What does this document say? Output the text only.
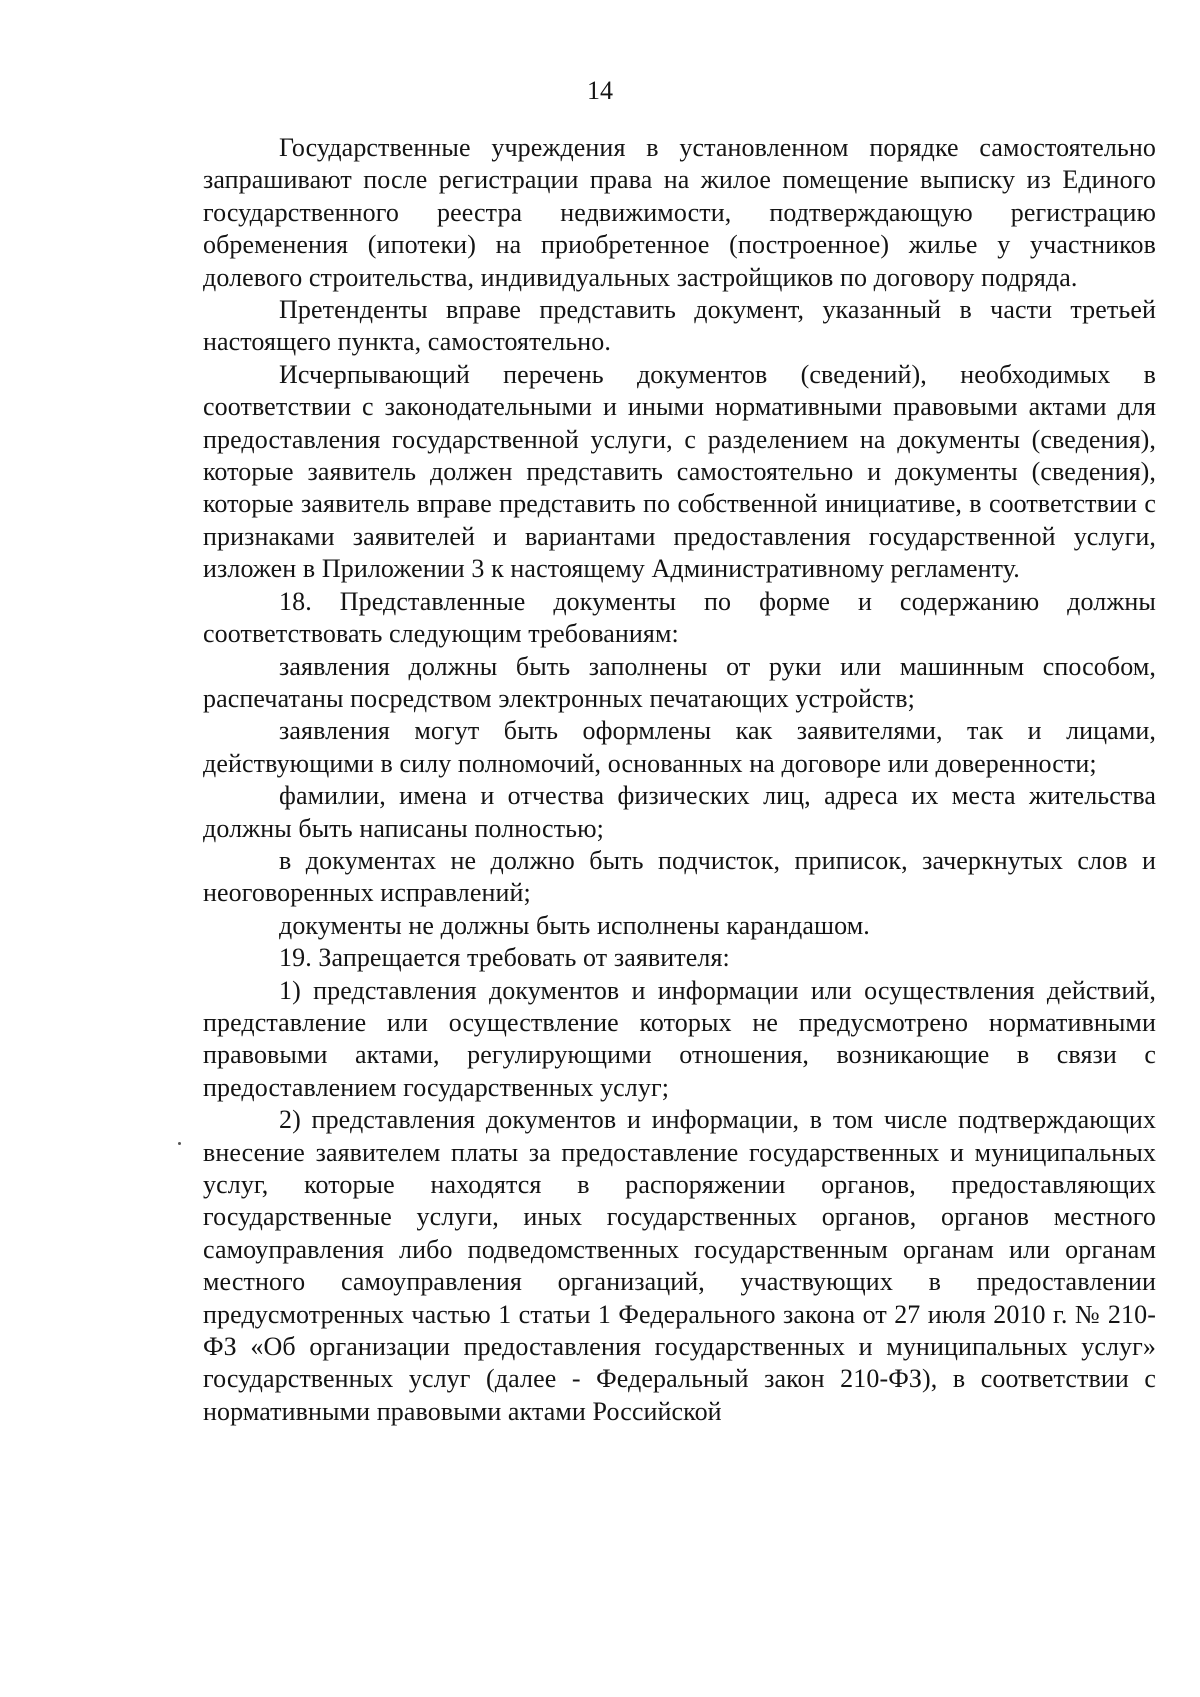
14

Государственные учреждения в установленном порядке самостоятельно запрашивают после регистрации права на жилое помещение выписку из Единого государственного реестра недвижимости, подтверждающую регистрацию обременения (ипотеки) на приобретенное (построенное) жилье у участников долевого строительства, индивидуальных застройщиков по договору подряда.

Претенденты вправе представить документ, указанный в части третьей настоящего пункта, самостоятельно.

Исчерпывающий перечень документов (сведений), необходимых в соответствии с законодательными и иными нормативными правовыми актами для предоставления государственной услуги, с разделением на документы (сведения), которые заявитель должен представить самостоятельно и документы (сведения), которые заявитель вправе представить по собственной инициативе, в соответствии с признаками заявителей и вариантами предоставления государственной услуги, изложен в Приложении 3 к настоящему Административному регламенту.

18. Представленные документы по форме и содержанию должны соответствовать следующим требованиям:

заявления должны быть заполнены от руки или машинным способом, распечатаны посредством электронных печатающих устройств;

заявления могут быть оформлены как заявителями, так и лицами, действующими в силу полномочий, основанных на договоре или доверенности;

фамилии, имена и отчества физических лиц, адреса их места жительства должны быть написаны полностью;

в документах не должно быть подчисток, приписок, зачеркнутых слов и неоговоренных исправлений;

документы не должны быть исполнены карандашом.

19. Запрещается требовать от заявителя:

1) представления документов и информации или осуществления действий, представление или осуществление которых не предусмотрено нормативными правовыми актами, регулирующими отношения, возникающие в связи с предоставлением государственных услуг;

2) представления документов и информации, в том числе подтверждающих внесение заявителем платы за предоставление государственных и муниципальных услуг, которые находятся в распоряжении органов, предоставляющих государственные услуги, иных государственных органов, органов местного самоуправления либо подведомственных государственным органам или органам местного самоуправления организаций, участвующих в предоставлении предусмотренных частью 1 статьи 1 Федерального закона от 27 июля 2010 г. № 210-ФЗ «Об организации предоставления государственных и муниципальных услуг» государственных услуг (далее - Федеральный закон 210-ФЗ), в соответствии с нормативными правовыми актами Российской
